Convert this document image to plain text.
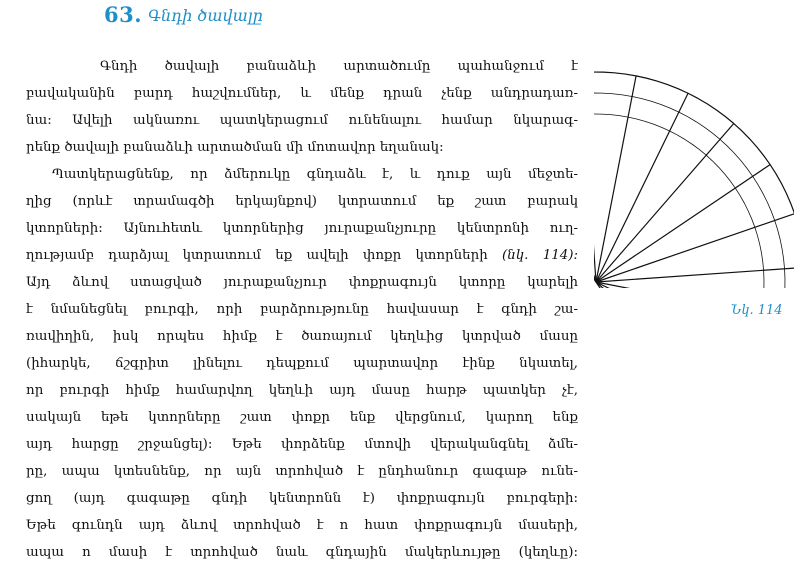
63. Գնդի ծավալը
Գնդի ծավալի բանաձևի արտածումը պահանջում է
բավականին բարդ հաշվումներ, և մենք դրան չենք անդրադառ-
նա: Ավելի ակնառու պատկերացում ունենալու համար նկարագ-
րենք ծավալի բանաձևի արտածման մի մոտավոր եղանակ:
Պատկերացնենք, որ ձմերուկը գնդաձև է, և դուք այն մեջտե-
ղից (որևէ տրամագծի երկայնքով) կտրատում եք շատ բարակ
կտորների: Այնուհետև կտորներից յուրաքանչյուրը կենտրոնի ուղ-
ղությամբ դարձյալ կտրատում եք ավելի փոքր կտորների (նկ. 114):
Այդ ձևով ստացված յուրաքանչյուր փոքրագույն կտորը կարելի
է նմանեցնել բուրգի, որի բարձրությունը հավասար է գնդի շա-
ռավիղին, իսկ որպես հիմք է ծառայում կեղևից կտրված մասը
(իհարկե, ճշգրիտ լինելու դեպքում պարտավոր էինք նկատել,
որ բուրգի հիմք համարվող կեղևի այդ մասը հարթ պատկեր չէ,
սակայն եթե կտորները շատ փոքր ենք վերցնում, կարող ենք
այդ հարցը շրջանցել): Եթե փորձենք մտովի վերականգնել ձմե-
րը, ապա կտեսնենք, որ այն տրոհված է ընդհանուր գագաթ ունե-
ցող (այդ գագաթը գնդի կենտրոնն է) փոքրագույն բուրգերի:
Եթե գունդն այդ ձևով տրոհված է n հատ փոքրագույն մասերի,
ապա n մասի է տրոհված նաև գնդային մակերևույթը (կեղևը):
Նկ. 114
